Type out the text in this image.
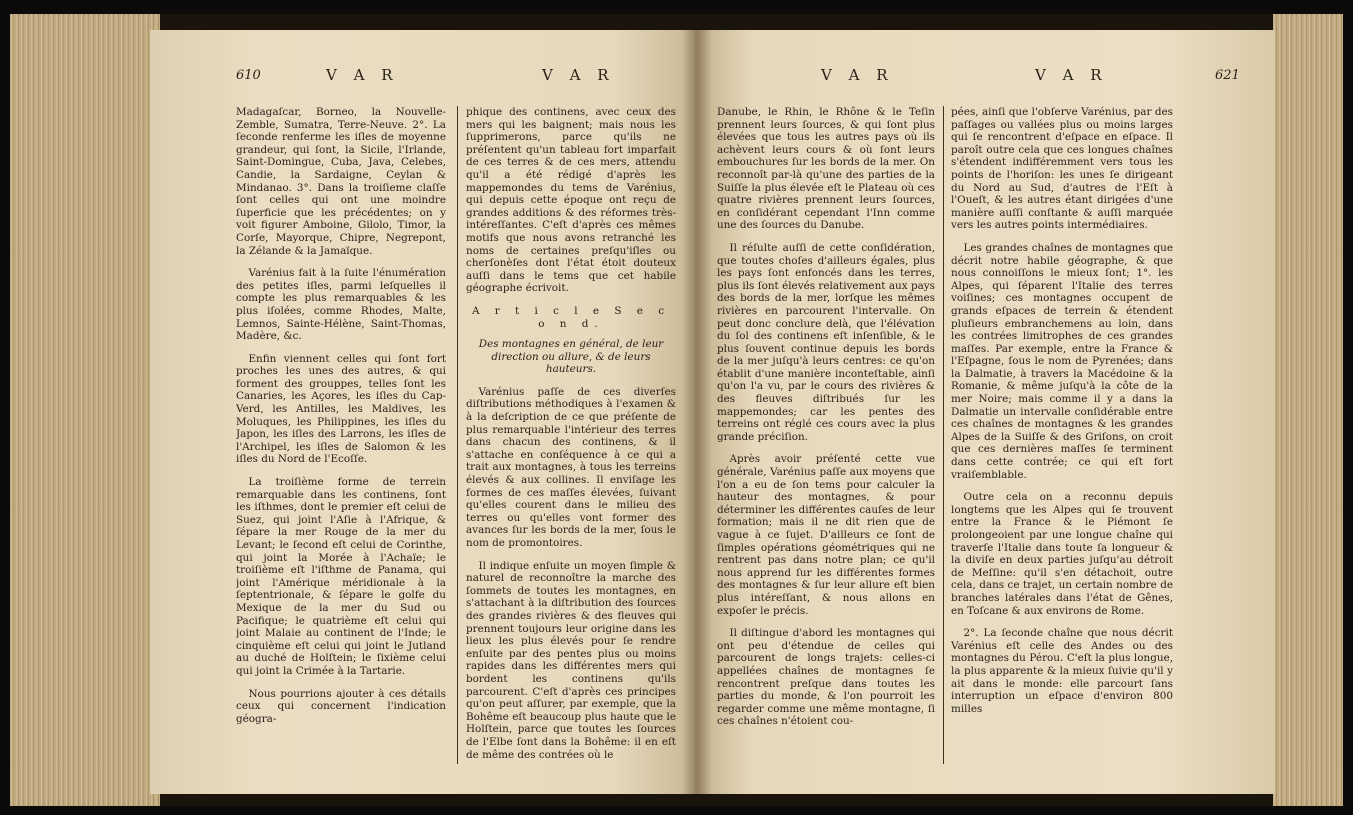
610	V A R	V A R

Madagaſcar, Borneo, la Nouvelle-Zemble, Sumatra, Terre-Neuve. 2°. La ſeconde renferme les iſles de moyenne grandeur, qui ſont, la Sicile, l'Irlande, Saint-Domingue, Cuba, Java, Celebes, Candie, la Sardaigne, Ceylan & Mindanao. 3°. Dans la troiſieme claſſe ſont celles qui ont une moindre ſuperficie que les précédentes; on y voit figurer Amboine, Gilolo, Timor, la Corſe, Mayorque, Chipre, Negrepont, la Zélande & la Jamaïque.

Varénius fait à la ſuite l'énumération des petites iſles, parmi leſquelles il compte les plus remarquables & les plus iſolées, comme Rhodes, Malte, Lemnos, Sainte-Hélène, Saint-Thomas, Madère, &c.

Enfin viennent celles qui ſont fort proches les unes des autres, & qui forment des grouppes, telles ſont les Canaries, les Açores, les iſles du Cap-Verd, les Antilles, les Maldives, les Moluques, les Philippines, les iſles du Japon, les iſles des Larrons, les iſles de l'Archipel, les iſles de Salomon & les iſles du Nord de l'Ecoſſe.

La troiſième forme de terrein remarquable dans les continens, ſont les iſthmes, dont le premier eſt celui de Suez, qui joint l'Aſie à l'Afrique, & ſépare la mer Rouge de la mer du Levant; le ſecond eſt celui de Corinthe, qui joint la Morée à l'Achaïe; le troiſième eſt l'iſthme de Panama, qui joint l'Amérique méridionale à la ſeptentrionale, & ſépare le golfe du Mexique de la mer du Sud ou Pacifique; le quatrième eſt celui qui joint Malaie au continent de l'Inde; le cinquième eſt celui qui joint le Jutland au duché de Holſtein; le ſixième celui qui joint la Crimée à la Tartarie.

Nous pourrions ajouter à ces détails ceux qui concernent l'indication géogra-

phique des continens, avec ceux des mers qui les baignent; mais nous les ſupprimerons, parce qu'ils ne préſentent qu'un tableau fort imparfait de ces terres & de ces mers, attendu qu'il a été rédigé d'après les mappemondes du tems de Varénius, qui depuis cette époque ont reçu de grandes additions & des réformes très-intéreſſantes. C'eſt d'après ces mêmes motifs que nous avons retranché les noms de certaines preſqu'iſles ou cherſonèſes dont l'état étoit douteux auſſi dans le tems que cet habile géographe écrivoit.

A r t i c l e S e c o n d.

Des montagnes en général, de leur direction ou allure, & de leurs hauteurs.

Varénius paſſe de ces diverſes diſtributions méthodiques à l'examen & à la deſcription de ce que préſente de plus remarquable l'intérieur des terres dans chacun des continens, & il s'attache en conſéquence à ce qui a trait aux montagnes, à tous les terreins élevés & aux collines. Il enviſage les formes de ces maſſes élevées, ſuivant qu'elles courent dans le milieu des terres ou qu'elles vont former des avances ſur les bords de la mer, ſous le nom de promontoires.

Il indique enſuite un moyen ſimple & naturel de reconnoître la marche des ſommets de toutes les montagnes, en s'attachant à la diſtribution des ſources des grandes rivières & des fleuves qui prennent toujours leur origine dans les lieux les plus élevés pour ſe rendre enſuite par des pentes plus ou moins rapides dans les différentes mers qui bordent les continens qu'ils parcourent. C'eſt d'après ces principes qu'on peut aſſurer, par exemple, que la Bohême eſt beaucoup plus haute que le Holſtein, parce que toutes les ſources de l'Elbe ſont dans la Bohême: il en eſt de même des contrées où le

V A R	V A R	621

Danube, le Rhin, le Rhône & le Teſin prennent leurs ſources, & qui ſont plus élevées que tous les autres pays où ils achèvent leurs cours & où ſont leurs embouchures ſur les bords de la mer. On reconnoît par-là qu'une des parties de la Suiſſe la plus élevée eſt le Plateau où ces quatre rivières prennent leurs ſources, en conſidérant cependant l'Inn comme une des ſources du Danube.

Il réſulte auſſi de cette conſidération, que toutes choſes d'ailleurs égales, plus les pays ſont enfoncés dans les terres, plus ils ſont élevés relativement aux pays des bords de la mer, lorſque les mêmes rivières en parcourent l'intervalle. On peut donc conclure delà, que l'élévation du ſol des continens eſt inſenſible, & le plus ſouvent continue depuis les bords de la mer juſqu'à leurs centres: ce qu'on établit d'une manière inconteſtable, ainſi qu'on l'a vu, par le cours des rivières & des fleuves diſtribués ſur les mappemondes; car les pentes des terreins ont réglé ces cours avec la plus grande préciſion.

Après avoir préſenté cette vue générale, Varénius paſſe aux moyens que l'on a eu de ſon tems pour calculer la hauteur des montagnes, & pour déterminer les différentes cauſes de leur formation; mais il ne dit rien que de vague à ce ſujet. D'ailleurs ce ſont de ſimples opérations géométriques qui ne rentrent pas dans notre plan; ce qu'il nous apprend ſur les différentes formes des montagnes & ſur leur allure eſt bien plus intéreſſant, & nous allons en expoſer le précis.

Il diſtingue d'abord les montagnes qui ont peu d'étendue de celles qui parcourent de longs trajets: celles-ci appellées chaînes de montagnes ſe rencontrent preſque dans toutes les parties du monde, & l'on pourroit les regarder comme une même montagne, ſi ces chaînes n'étoient cou-

pées, ainſi que l'obſerve Varénius, par des paſſages ou vallées plus ou moins larges qui ſe rencontrent d'eſpace en eſpace. Il paroît outre cela que ces longues chaînes s'étendent indifféremment vers tous les points de l'horiſon: les unes ſe dirigeant du Nord au Sud, d'autres de l'Eſt à l'Oueſt, & les autres étant dirigées d'une manière auſſi conſtante & auſſi marquée vers les autres points intermédiaires.

Les grandes chaînes de montagnes que décrit notre habile géographe, & que nous connoiſſons le mieux ſont; 1°. les Alpes, qui ſéparent l'Italie des terres voiſines; ces montagnes occupent de grands eſpaces de terrein & étendent pluſieurs embranchemens au loin, dans les contrées limitrophes de ces grandes maſſes. Par exemple, entre la France & l'Eſpagne, ſous le nom de Pyrenées; dans la Dalmatie, à travers la Macédoine & la Romanie, & même juſqu'à la côte de la mer Noire; mais comme il y a dans la Dalmatie un intervalle conſidérable entre ces chaînes de montagnes & les grandes Alpes de la Suiſſe & des Griſons, on croit que ces dernières maſſes ſe terminent dans cette contrée; ce qui eſt fort vraiſemblable.

Outre cela on a reconnu depuis longtems que les Alpes qui ſe trouvent entre la France & le Piémont ſe prolongeoient par une longue chaîne qui traverſe l'Italie dans toute ſa longueur & la diviſe en deux parties juſqu'au détroit de Meſſine: qu'il s'en détachoit, outre cela, dans ce trajet, un certain nombre de branches latérales dans l'état de Gênes, en Toſcane & aux environs de Rome.

2°. La ſeconde chaîne que nous décrit Varénius eſt celle des Andes ou des montagnes du Pérou. C'eſt la plus longue, la plus apparente & la mieux ſuivie qu'il y ait dans le monde: elle parcourt ſans interruption un eſpace d'environ 800 milles
